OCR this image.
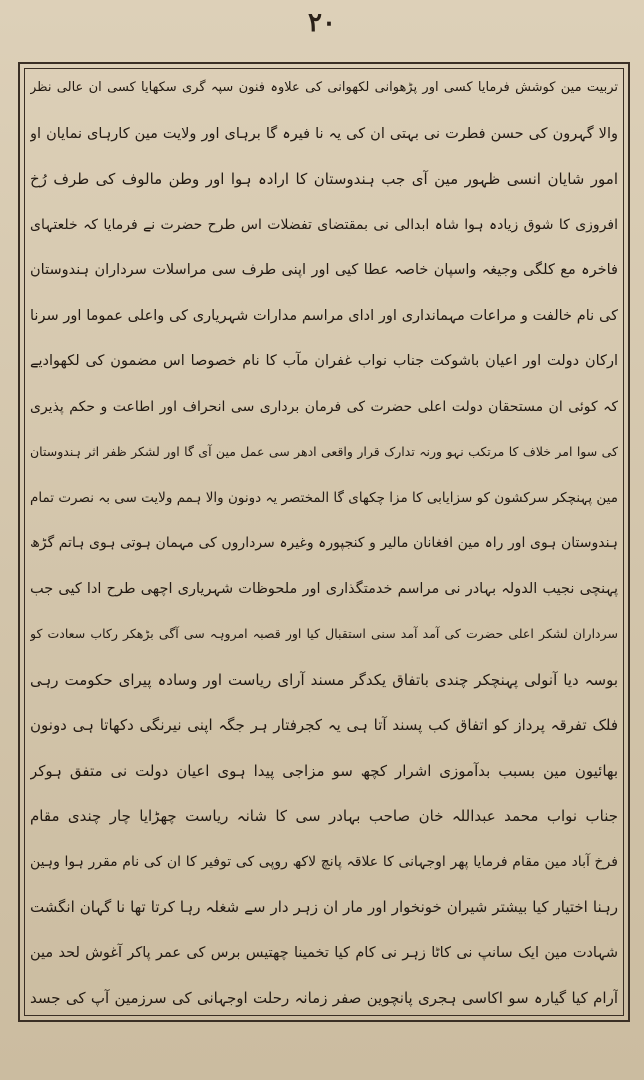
۲۰
تربیت مین کوشش فرمایا کسی اور پڑھوانی لکھوانی کی علاوہ فنون سپہ گری سکھایا کسی ان عالی نظر
والا گہرون کی حسن فطرت نی بہتی ان کی یہ نا فیرہ گا برہای اور ولایت مین کارہای نمایان او
امور شایان انسی ظہور مین آی جب ہندوستان کا ارادہ ہوا اور وطن مالوف کی طرف رُخ
افروزی کا شوق زیادہ ہوا شاہ ابدالی نی بمقتضای تفضلات اس طرح حضرت نے فرمایا کہ خلعتہای
فاخرہ مع کلگی وجیغہ واسپان خاصہ عطا کیی اور اپنی طرف سی مراسلات سرداران ہندوستان
کی نام خالفت و مراعات مہمانداری اور ادای مراسم مدارات شہریاری کی واعلی عموما اور سرنا
ارکان دولت اور اعیان باشوکت جناب نواب غفران مآب کا نام خصوصا اس مضمون کی لکھوادیے
کہ کوئی ان مستحقان دولت اعلی حضرت کی فرمان برداری سی انحراف اور اطاعت و حکم پذیری
کی سوا امر خلاف کا مرتکب نہو ورنہ تدارک قرار واقعی ادھر سی عمل مین آی گا اور لشکر ظفر اثر ہندوستان
مین پہنچکر سرکشون کو سزایابی کا مزا چکھای گا المختصر یہ دونون والا ہمم ولایت سی بہ نصرت تمام
ہندوستان ہوی اور راہ مین افغانان مالیر و کنجپورہ وغیرہ سرداروں کی مہمان ہوتی ہوی ہاتم گڑھ
پہنچی نجیب الدولہ بہادر نی مراسم خدمتگذاری اور ملحوظات شہریاری اچھی طرح ادا کیی جب
سرداران لشکر اعلی حضرت کی آمد آمد سنی استقبال کیا اور قصبہ امروہہ سی آگی بڑھکر رکاب سعادت کو
بوسہ دیا آنولی پہنچکر چندی باتفاق یکدگر مسند آرای ریاست اور وسادہ پیرای حکومت رہی
فلک تفرقہ پرداز کو اتفاق کب پسند آتا ہی یہ کجرفتار ہر جگہ اپنی نیرنگی دکھاتا ہی دونون
بھائیون مین بسبب بدآموزی اشرار کچھ سو مزاجی پیدا ہوی اعیان دولت نی متفق ہوکر
جناب نواب محمد عبداللہ خان صاحب بہادر سی کا شانہ ریاست چھڑایا چار چندی مقام
فرخ آباد مین مقام فرمایا پھر اوجہانی کا علاقہ پانچ لاکھ روپی کی توفیر کا ان کی نام مقرر ہوا وہین
رہنا اختیار کیا بیشتر شیران خونخوار اور مار ان زہر دار سے شغلہ رہا کرتا تھا نا گہان انگشت
شہادت مین ایک سانپ نی کاٹا زہر نی کام کیا تخمینا چھتیس برس کی عمر پاکر آغوش لحد مین
آرام کیا گیارہ سو اکاسی ہجری پانچوین صفر زمانہ رحلت اوجہانی کی سرزمین آپ کی جسد
